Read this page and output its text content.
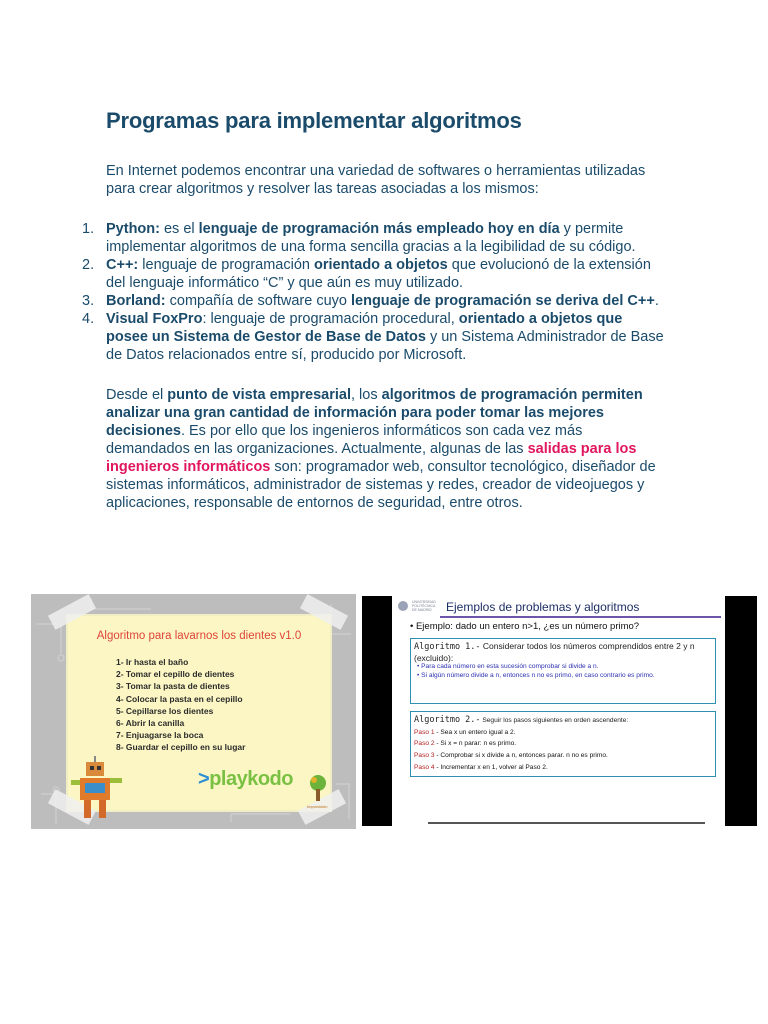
Programas para implementar algoritmos

En Internet podemos encontrar una variedad de softwares o herramientas utilizadas para crear algoritmos y resolver las tareas asociadas a los mismos:

1. Python: es el lenguaje de programación más empleado hoy en día y permite implementar algoritmos de una forma sencilla gracias a la legibilidad de su código.
2. C++: lenguaje de programación orientado a objetos que evolucionó de la extensión del lenguaje informático “C” y que aún es muy utilizado.
3. Borland: compañía de software cuyo lenguaje de programación se deriva del C++.
4. Visual FoxPro: lenguaje de programación procedural, orientado a objetos que posee un Sistema de Gestor de Base de Datos y un Sistema Administrador de Base de Datos relacionados entre sí, producido por Microsoft.

Desde el punto de vista empresarial, los algoritmos de programación permiten analizar una gran cantidad de información para poder tomar las mejores decisiones. Es por ello que los ingenieros informáticos son cada vez más demandados en las organizaciones. Actualmente, algunas de las salidas para los ingenieros informáticos son: programador web, consultor tecnológico, diseñador de sistemas informáticos, administrador de sistemas y redes, creador de videojuegos y aplicaciones, responsable de entornos de seguridad, entre otros.

Algoritmo para lavarnos los dientes v1.0
1- Ir hasta el baño
2- Tomar el cepillo de dientes
3- Tomar la pasta de dientes
4- Colocar la pasta en el cepillo
5- Cepillarse los dientes
6- Abrir la canilla
7- Enjuagarse la boca
8- Guardar el cepillo en su lugar
>playkodo
Improvisión
UNIVERSIDAD POLITÉCNICA DE MADRID	Ejemplos de problemas y algoritmos
• Ejemplo: dado un entero n>1, ¿es un número primo?
Algoritmo 1.- Considerar todos los números comprendidos entre 2 y n (excluido):
• Para cada número en esta sucesión comprobar si divide a n.
• Si algún número divide a n, entonces n no es primo, en caso contrario es primo.
Algoritmo 2.- Seguir los pasos siguientes en orden ascendente:
Paso 1 - Sea x un entero igual a 2.
Paso 2 - Si x = n parar: n es primo.
Paso 3 - Comprobar si x divide a n, entonces parar. n no es primo.
Paso 4 - Incrementar x en 1, volver al Paso 2.
